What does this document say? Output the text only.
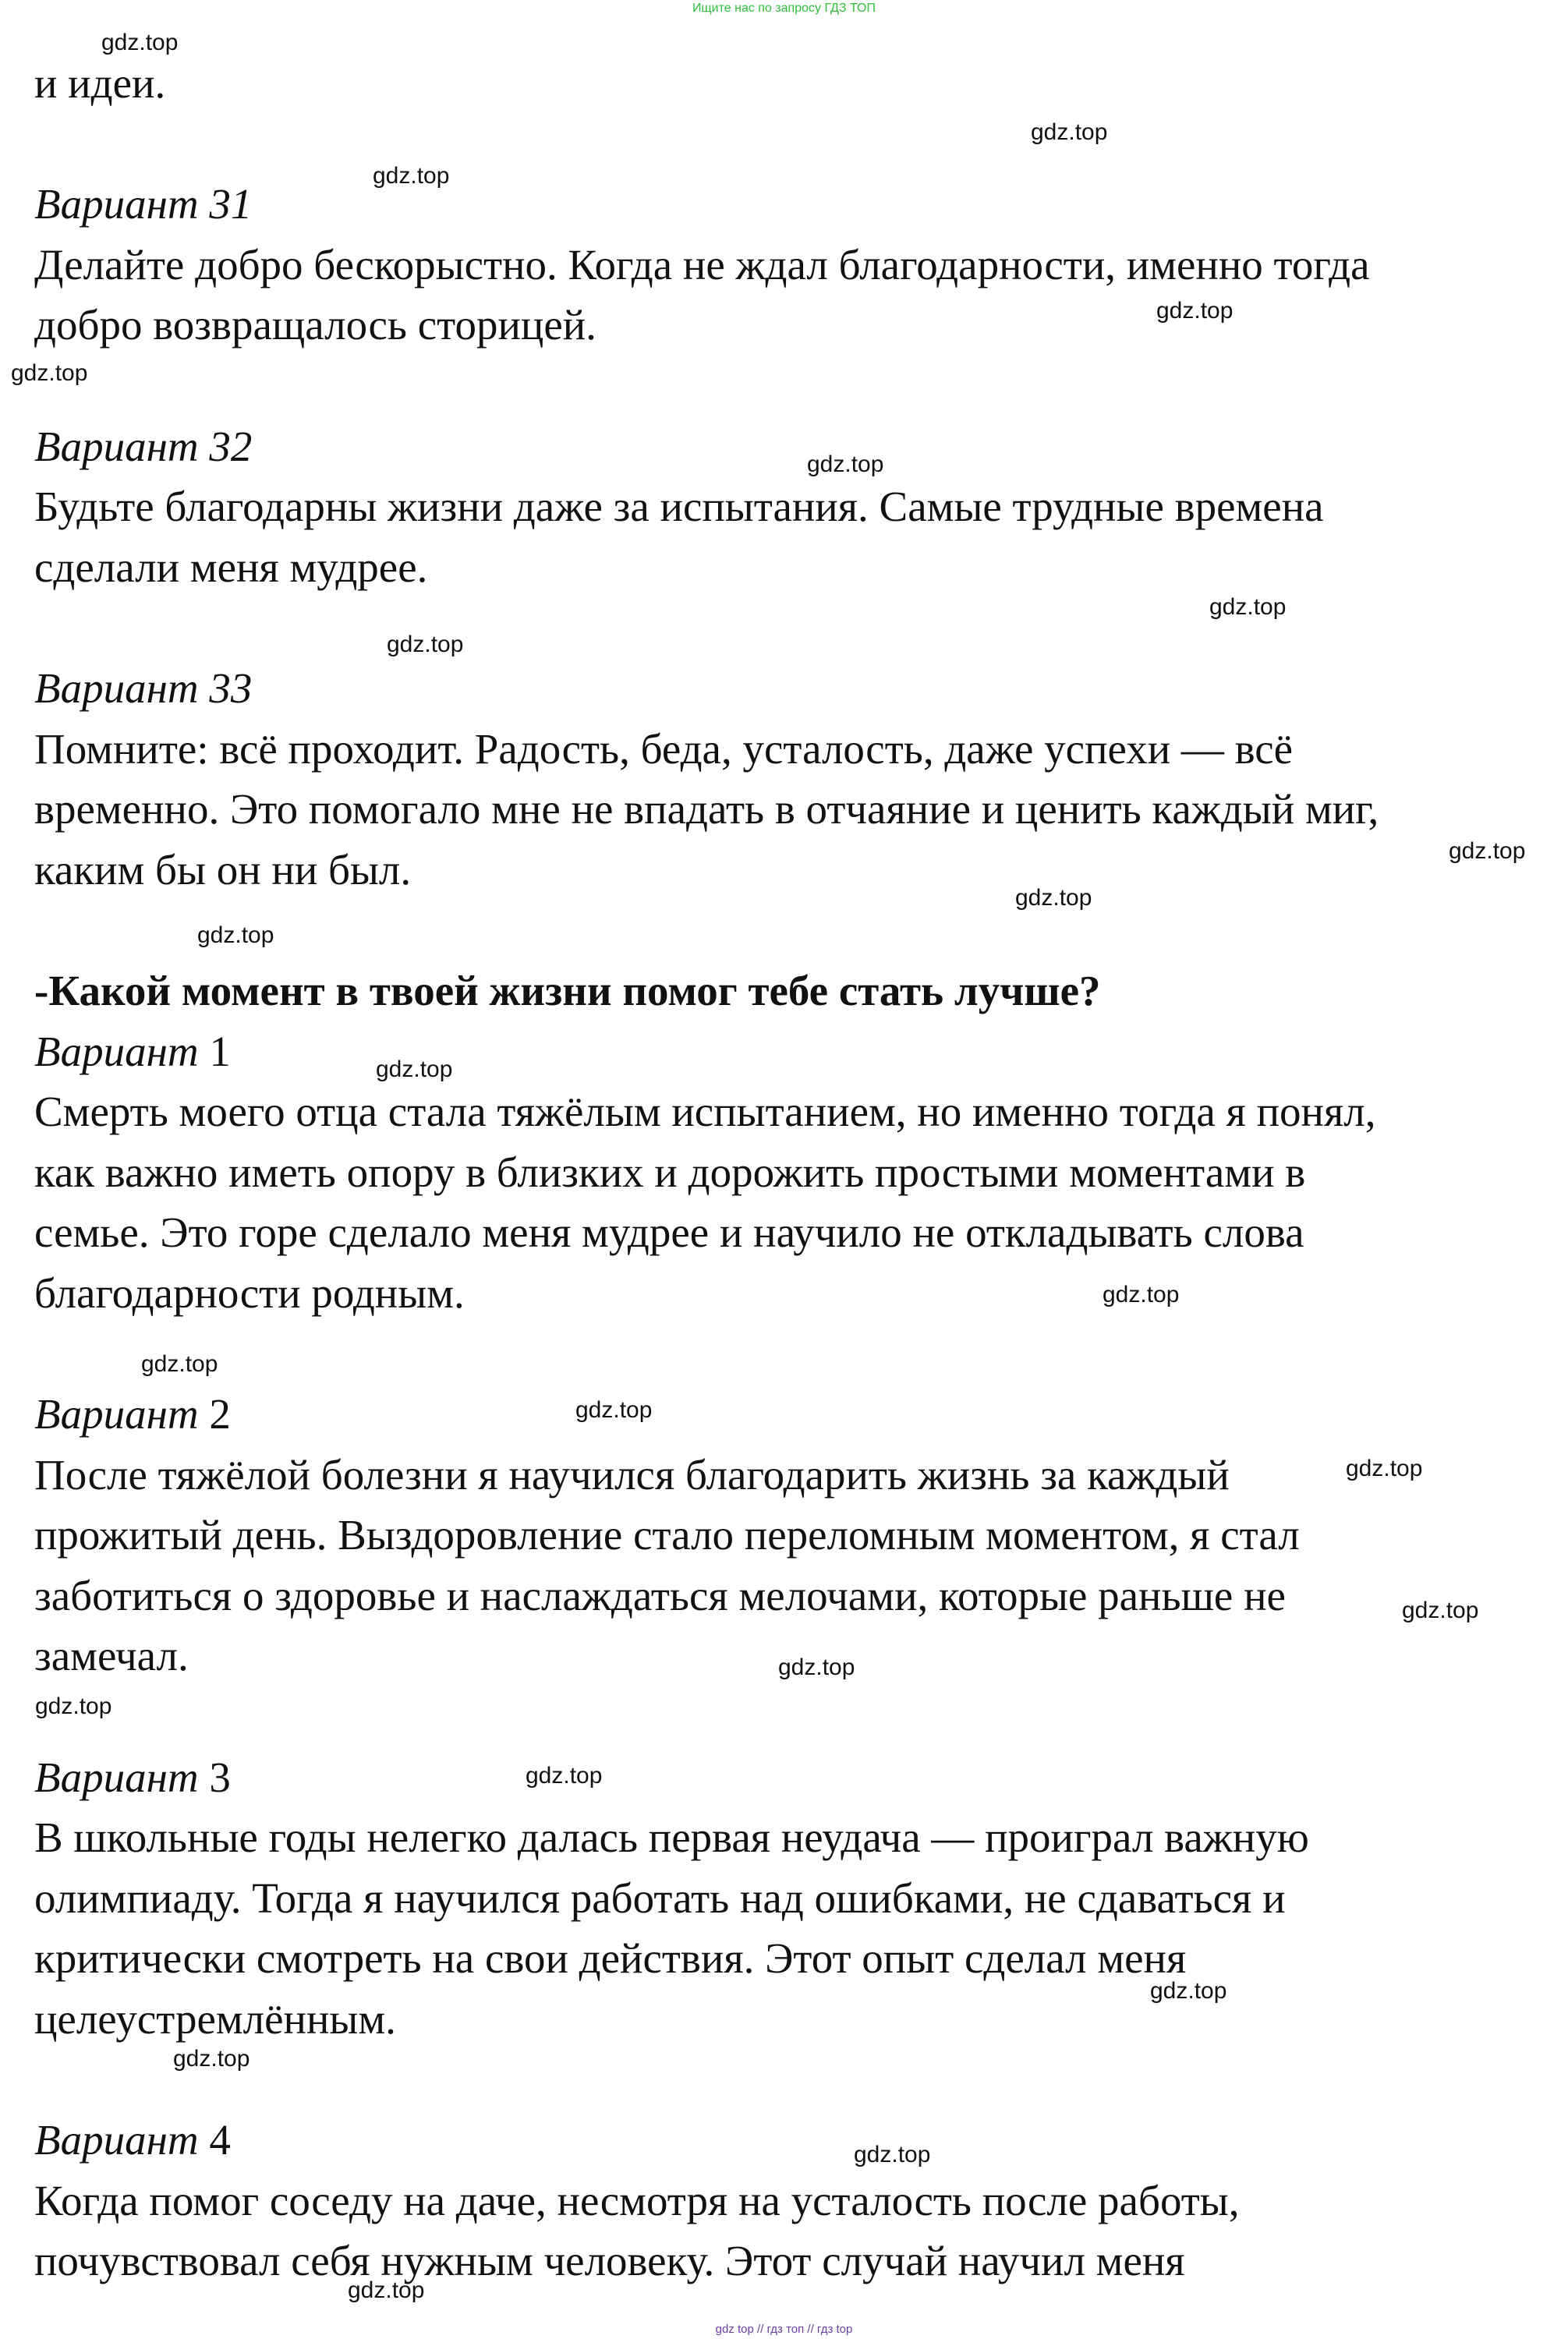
Ищите нас по запросу ГДЗ ТОП

и идеи.

Вариант 31

Делайте добро бескорыстно. Когда не ждал благодарности, именно тогда

добро возвращалось сторицей.

Вариант 32

Будьте благодарны жизни даже за испытания. Самые трудные времена

сделали меня мудрее.

Вариант 33

Помните: всё проходит. Радость, беда, усталость, даже успехи — всё

временно. Это помогало мне не впадать в отчаяние и ценить каждый миг,

каким бы он ни был.

-Какой момент в твоей жизни помог тебе стать лучше?

Вариант 1

Смерть моего отца стала тяжёлым испытанием, но именно тогда я понял,

как важно иметь опору в близких и дорожить простыми моментами в

семье. Это горе сделало меня мудрее и научило не откладывать слова

благодарности родным.

Вариант 2

После тяжёлой болезни я научился благодарить жизнь за каждый

прожитый день. Выздоровление стало переломным моментом, я стал

заботиться о здоровье и наслаждаться мелочами, которые раньше не

замечал.

Вариант 3

В школьные годы нелегко далась первая неудача — проиграл важную

олимпиаду. Тогда я научился работать над ошибками, не сдаваться и

критически смотреть на свои действия. Этот опыт сделал меня

целеустремлённым.

Вариант 4

Когда помог соседу на даче, несмотря на усталость после работы,

почувствовал себя нужным человеку. Этот случай научил меня

gdz.top
gdz.top
gdz.top
gdz.top
gdz.top
gdz.top
gdz.top
gdz.top
gdz.top
gdz.top
gdz.top
gdz.top
gdz.top
gdz.top
gdz.top
gdz.top
gdz.top
gdz.top
gdz.top
gdz.top
gdz.top
gdz.top
gdz.top
gdz.top
gdz top // гдз топ // гдз top
